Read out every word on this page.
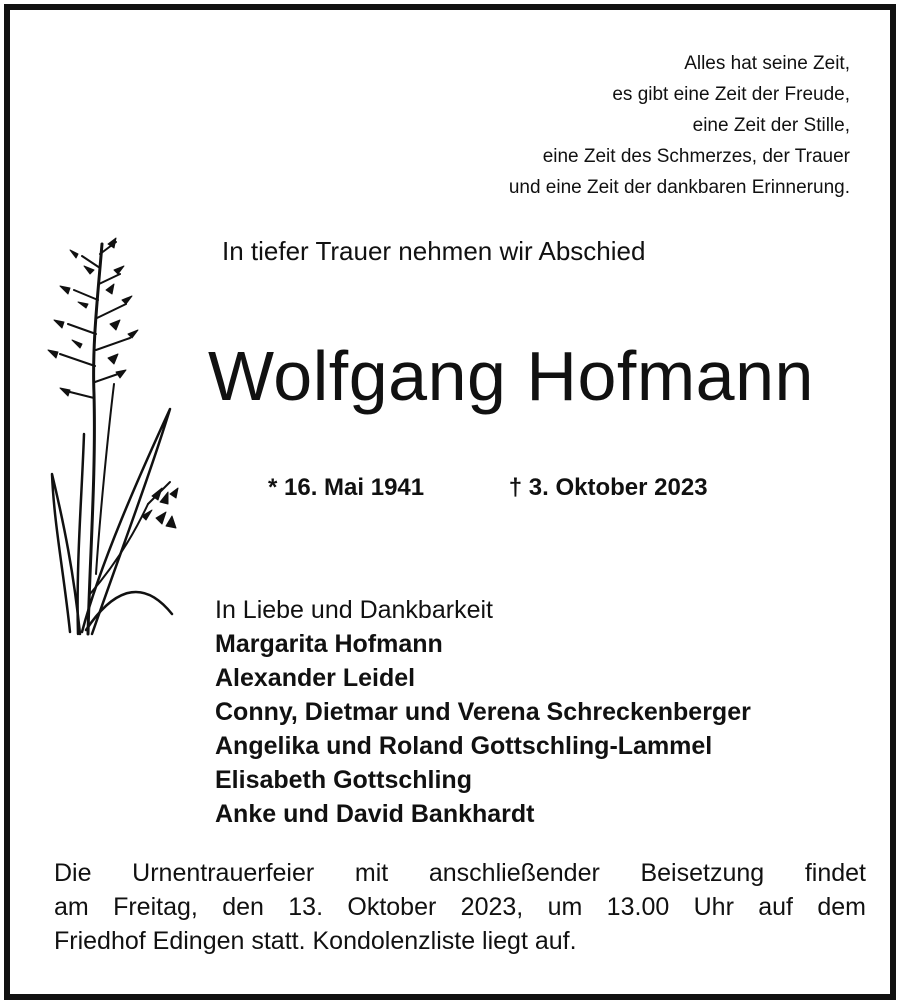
Alles hat seine Zeit,
es gibt eine Zeit der Freude,
eine Zeit der Stille,
eine Zeit des Schmerzes, der Trauer
und eine Zeit der dankbaren Erinnerung.
In tiefer Trauer nehmen wir Abschied
Wolfgang Hofmann
* 16. Mai 1941	† 3. Oktober 2023
In Liebe und Dankbarkeit
Margarita Hofmann
Alexander Leidel
Conny, Dietmar und Verena Schreckenberger
Angelika und Roland Gottschling-Lammel
Elisabeth Gottschling
Anke und David Bankhardt
Die Urnentrauerfeier mit anschließender Beisetzung findet
am Freitag, den 13. Oktober 2023, um 13.00 Uhr auf dem
Friedhof Edingen statt. Kondolenzliste liegt auf.
